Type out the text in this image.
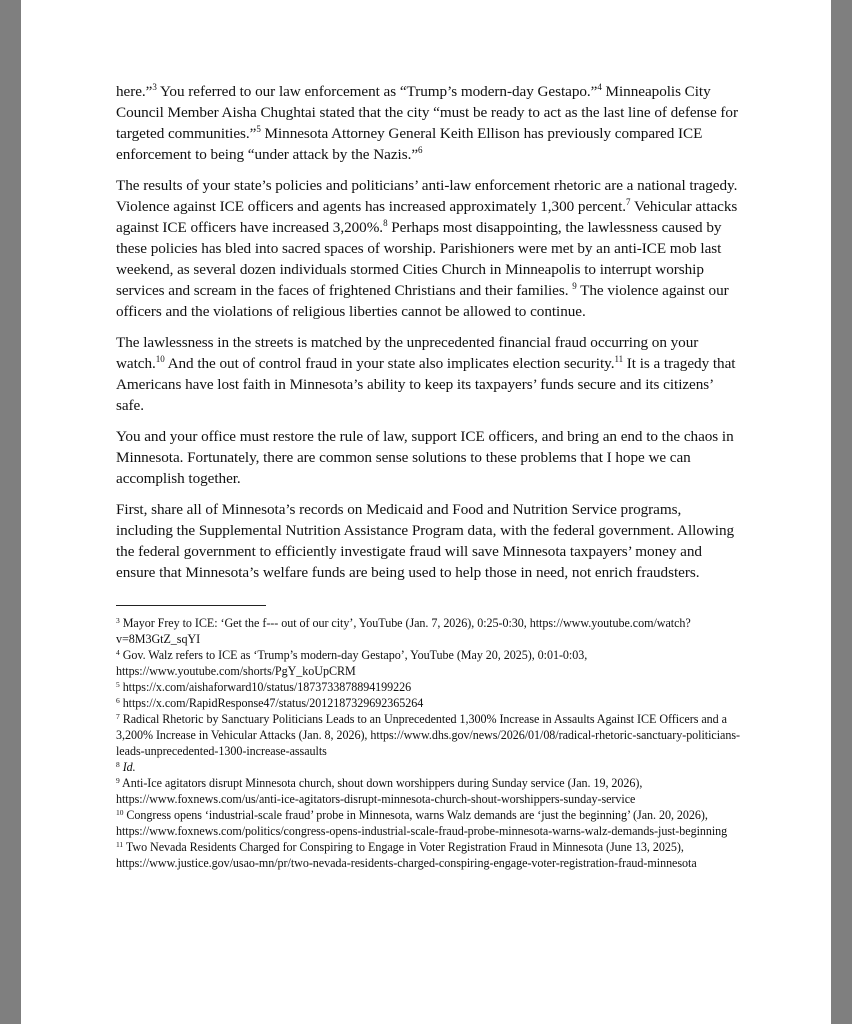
here.”$^3$ You referred to our law enforcement as “Trump’s modern-day Gestapo.”$^4$ Minneapolis City Council Member Aisha Chughtai stated that the city “must be ready to act as the last line of defense for targeted communities.”$^5$ Minnesota Attorney General Keith Ellison has previously compared ICE enforcement to being “under attack by the Nazis.”$^6$

The results of your state’s policies and politicians’ anti-law enforcement rhetoric are a national tragedy. Violence against ICE officers and agents has increased approximately 1,300 percent.$^7$ Vehicular attacks against ICE officers have increased 3,200%.$^8$ Perhaps most disappointing, the lawlessness caused by these policies has bled into sacred spaces of worship. Parishioners were met by an anti-ICE mob last weekend, as several dozen individuals stormed Cities Church in Minneapolis to interrupt worship services and scream in the faces of frightened Christians and their families. $^9$ The violence against our officers and the violations of religious liberties cannot be allowed to continue.

The lawlessness in the streets is matched by the unprecedented financial fraud occurring on your watch.$^{10}$ And the out of control fraud in your state also implicates election security.$^{11}$ It is a tragedy that Americans have lost faith in Minnesota’s ability to keep its taxpayers’ funds secure and its citizens’ safe.

You and your office must restore the rule of law, support ICE officers, and bring an end to the chaos in Minnesota. Fortunately, there are common sense solutions to these problems that I hope we can accomplish together.

First, share all of Minnesota’s records on Medicaid and Food and Nutrition Service programs, including the Supplemental Nutrition Assistance Program data, with the federal government. Allowing the federal government to efficiently investigate fraud will save Minnesota taxpayers’ money and ensure that Minnesota’s welfare funds are being used to help those in need, not enrich fraudsters.

$^3$ Mayor Frey to ICE: ‘Get the f--- out of our city’, YouTube (Jan. 7, 2026), 0:25-0:30, https://www.youtube.com/watch?v=8M3GtZ_sqYI
$^4$ Gov. Walz refers to ICE as ‘Trump’s modern-day Gestapo’, YouTube (May 20, 2025), 0:01-0:03, https://www.youtube.com/shorts/PgY_koUpCRM
$^5$ https://x.com/aishaforward10/status/1873733878894199226
$^6$ https://x.com/RapidResponse47/status/2012187329692365264
$^7$ Radical Rhetoric by Sanctuary Politicians Leads to an Unprecedented 1,300% Increase in Assaults Against ICE Officers and a 3,200% Increase in Vehicular Attacks (Jan. 8, 2026), https://www.dhs.gov/news/2026/01/08/radical-rhetoric-sanctuary-politicians-leads-unprecedented-1300-increase-assaults
$^8$ Id.
$^9$ Anti-Ice agitators disrupt Minnesota church, shout down worshippers during Sunday service (Jan. 19, 2026), https://www.foxnews.com/us/anti-ice-agitators-disrupt-minnesota-church-shout-worshippers-sunday-service
$^{10}$ Congress opens ‘industrial-scale fraud’ probe in Minnesota, warns Walz demands are ‘just the beginning’ (Jan. 20, 2026), https://www.foxnews.com/politics/congress-opens-industrial-scale-fraud-probe-minnesota-warns-walz-demands-just-beginning
$^{11}$ Two Nevada Residents Charged for Conspiring to Engage in Voter Registration Fraud in Minnesota (June 13, 2025), https://www.justice.gov/usao-mn/pr/two-nevada-residents-charged-conspiring-engage-voter-registration-fraud-minnesota
